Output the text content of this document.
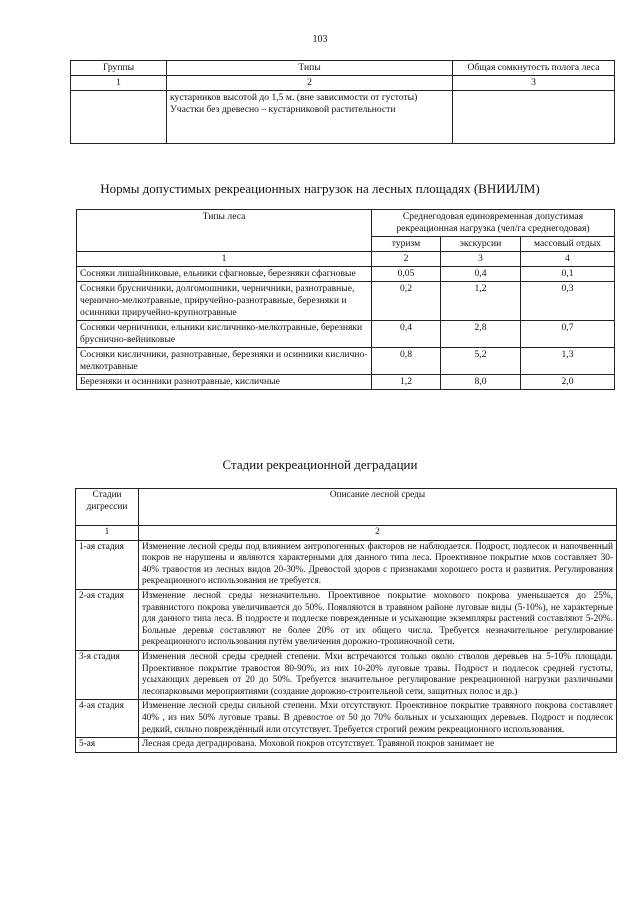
103
Группы	Типы	Общая сомкнутость полога леса
1	2	3

	кустарников высотой до 1,5 м. (вне зависимости от густоты)
Участки без древесно – кустарниковой растительности	

Нормы допустимых рекреационных нагрузок на лесных площадях (ВНИИЛМ)
Типы леса	Среднегодовая единовременная допустимая рекреационная нагрузка (чел/га среднегодовая)		
	туризм	экскурсии	массовый отдых
1	2	3	4
Сосняки лишайниковые, ельники сфагновые, березняки сфагновые	0,05	0,4	0,1
Сосняки брусничники, долгомошники, черничники, разнотравные, чернично-мелкотравные, приручейно-разнотравные, березняки и осинники приручейно-крупнотравные	0,2	1,2	0,3
Сосняки черничники, ельники кисличнико-мелкотравные, березняки бруснично-вейниковые	0,4	2,8	0,7
Сосняки кисличники, разнотравные, березняки и осинники кислично-мелкотравные	0,8	5,2	1,3
Березняки и осинники разнотравные, кисличные	1,2	8,0	2,0
Стадии рекреационной деградации
Стадии дигрессии	Описание лесной среды
1	2
1-ая стадия	Изменение лесной среды под влиянием антропогенных факторов не наблюдается. Подрост, подлесок и напочвенный покров не нарушены и являются характерными для данного типа леса. Проективное покрытие мхов составляет 30-40% травостоя из лесных видов 20-30%. Древостой здоров с признаками хорошего роста и развития. Регулирования рекреационного использования не требуется.
2-ая стадия	Изменение лесной среды незначительно. Проективное покрытие мохового покрова уменьшается до 25%, травянистого покрова увеличивается до 50%. Появляются в травяном районе луговые виды (5-10%), не характерные для данного типа леса. В подросте и подлеске поврежденные и усыхающие экземпляры растений составляют 5-20%. Больные деревья составляют не более 20% от их общего числа. Требуется незначительное регулирование рекреационного использования путём увеличения дорожно-тропиночной сети.
3-я стадия	Изменения лесной среды средней степени. Мхи встречаются только около стволов деревьев на 5-10% площади. Проективное покрытие травостоя 80-90%, из них 10-20% луговые травы. Подрост и подлесок средней густоты, усыхающих деревьев от 20 до 50%. Требуется значительное регулирование рекреационной нагрузки различными лесопарковыми мероприятиями (создание дорожно-строительной сети, защитных полос и др.)
4-ая стадия	Изменение лесной среды сильной степени. Мхи отсутствуют. Проективное покрытие травяного покрова составляет 40% , из них 50% луговые травы. В древостое от 50 до 70% больных и усыхающих деревьев. Подрост и подлесок редкий, сильно повреждённый или отсутствует. Требуется строгий режим рекреационного использования.
5-ая	Лесная среда деградирована. Моховой покров отсутствует. Травяной покров занимает не
